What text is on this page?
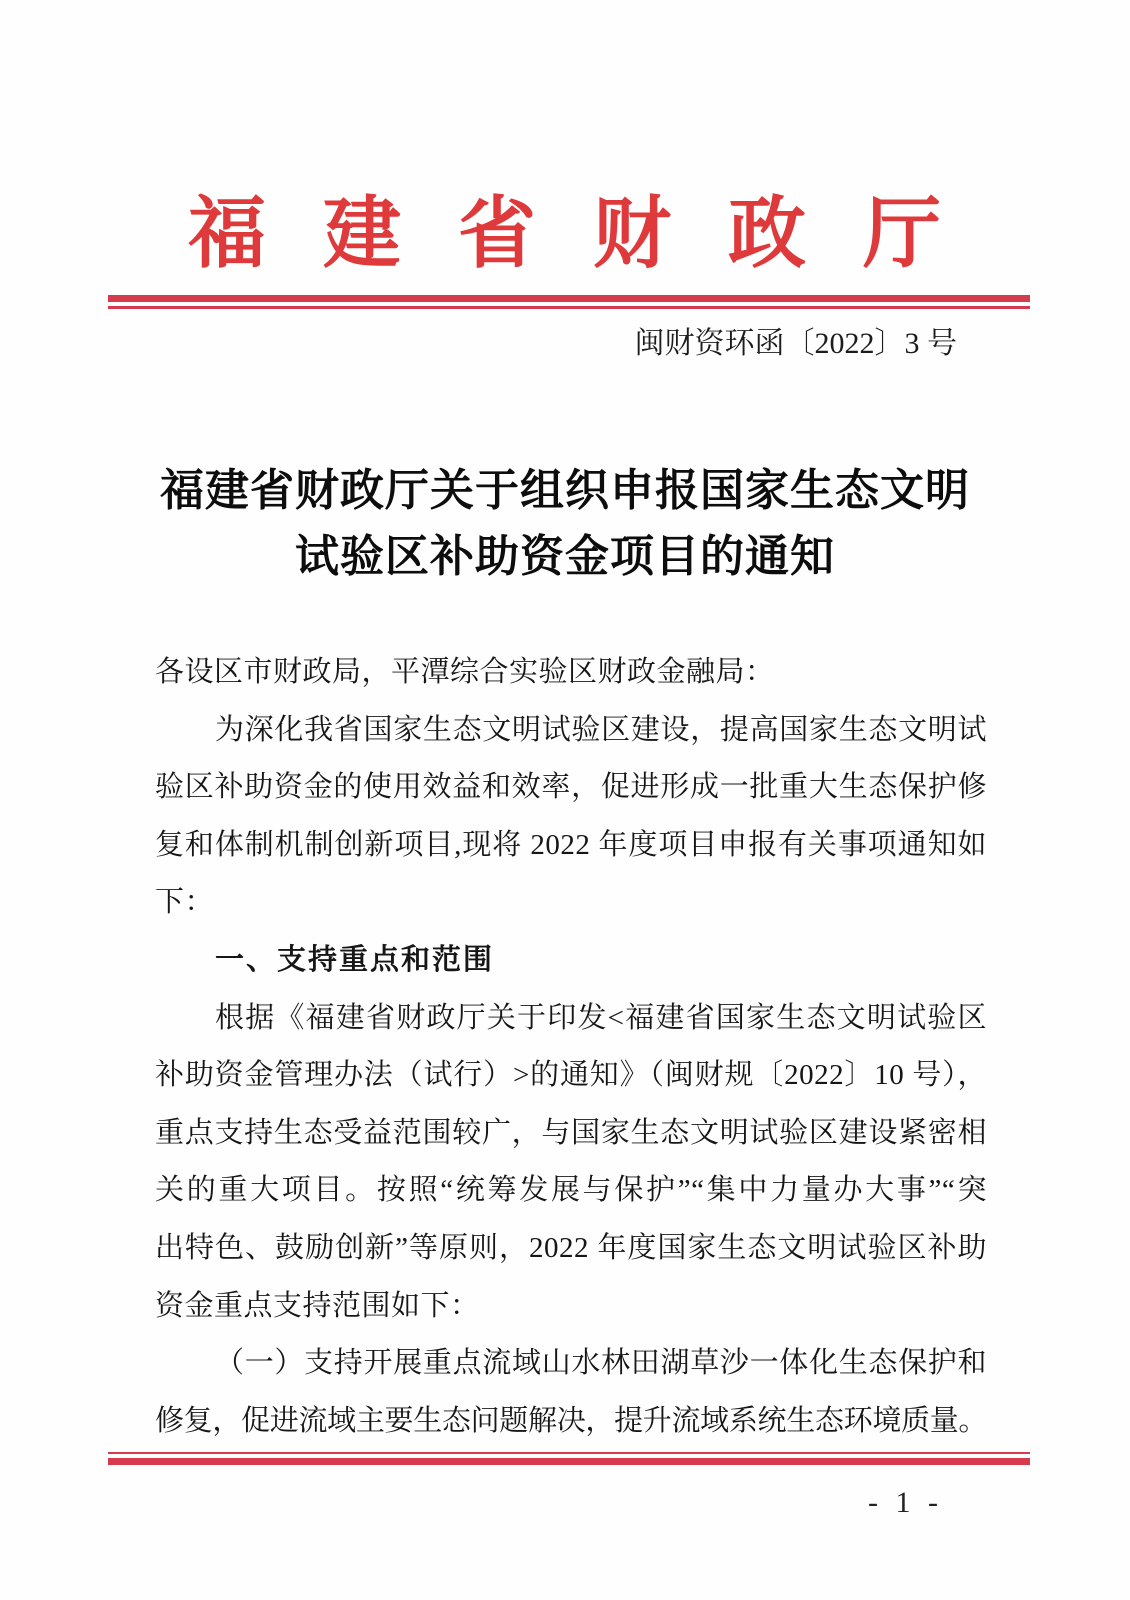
福建省财政厅
闽财资环函〔2022〕3 号
福建省财政厅关于组织申报国家生态文明
试验区补助资金项目的通知
各设区市财政局，平潭综合实验区财政金融局：
为深化我省国家生态文明试验区建设，提高国家生态文明试
验区补助资金的使用效益和效率，促进形成一批重大生态保护修
复和体制机制创新项目,现将 2022 年度项目申报有关事项通知如
下：
一、支持重点和范围
根据《福建省财政厅关于印发<福建省国家生态文明试验区
补助资金管理办法（试行）>的通知》（闽财规〔2022〕10 号），
重点支持生态受益范围较广，与国家生态文明试验区建设紧密相
关的重大项目。按照“统筹发展与保护”“集中力量办大事”“突
出特色、鼓励创新”等原则，2022 年度国家生态文明试验区补助
资金重点支持范围如下：
（一）支持开展重点流域山水林田湖草沙一体化生态保护和
修复，促进流域主要生态问题解决，提升流域系统生态环境质量。
- 1 -
